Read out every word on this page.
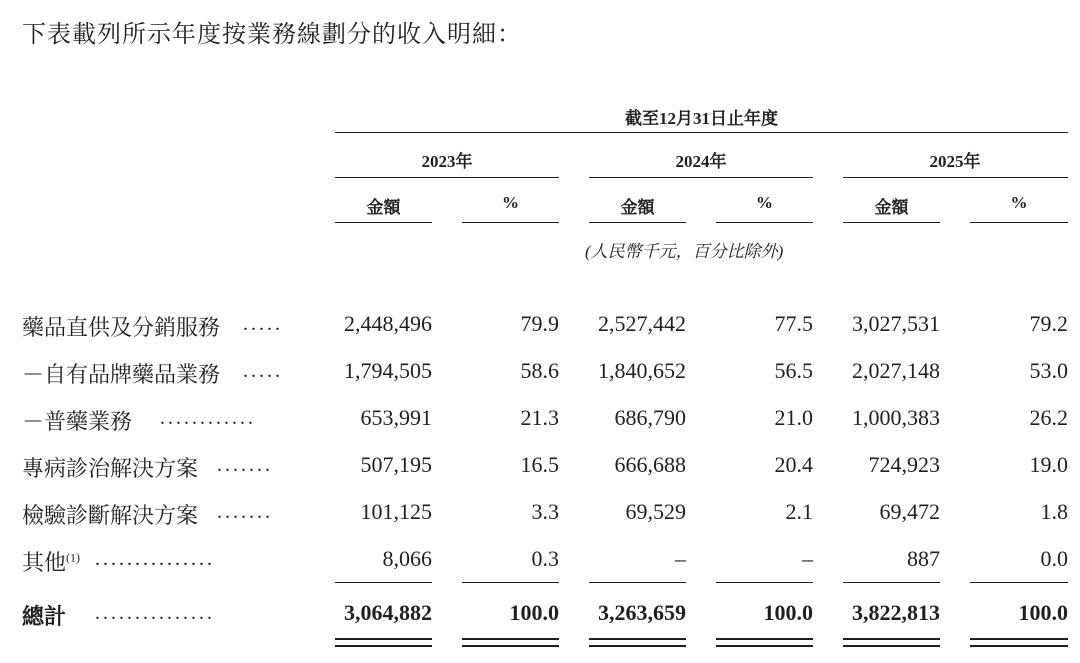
下表載列所示年度按業務線劃分的收入明細：
截至12月31日止年度
2023年	2024年	2025年
金額	%	金額	%	金額	%
(人民幣千元，百分比除外)
藥品直供及分銷服務 .....	2,448,496	79.9	2,527,442	77.5	3,027,531	79.2
－自有品牌藥品業務 .....	1,794,505	58.6	1,840,652	56.5	2,027,148	53.0
－普藥業務 ............	653,991	21.3	686,790	21.0	1,000,383	26.2
專病診治解決方案 .......	507,195	16.5	666,688	20.4	724,923	19.0
檢驗診斷解決方案 .......	101,125	3.3	69,529	2.1	69,472	1.8
其他$^{(1)}$ ...............	8,066	0.3	–	–	887	0.0
總計 ...............	3,064,882	100.0	3,263,659	100.0	3,822,813	100.0
